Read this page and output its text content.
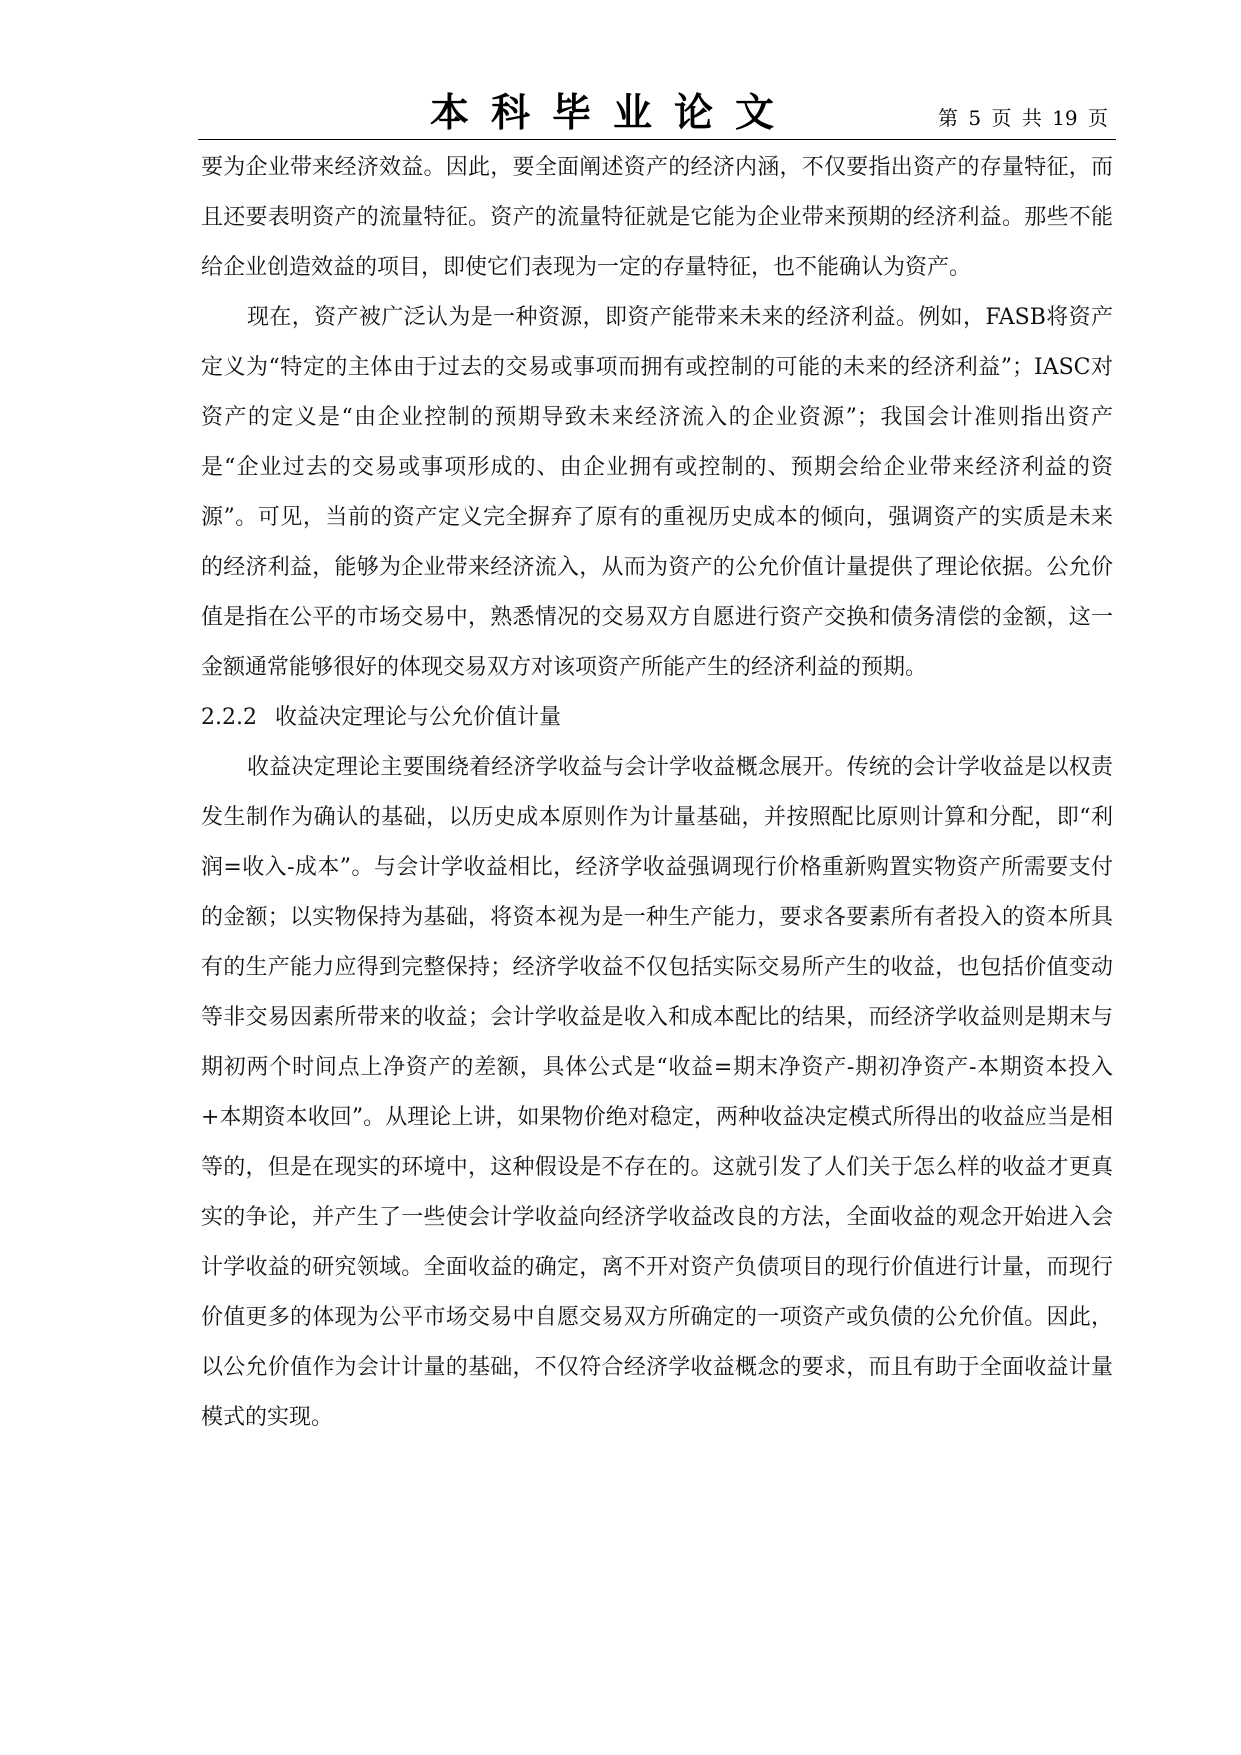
本科毕业论文	第 5 页 共 19 页

要为企业带来经济效益。因此，要全面阐述资产的经济内涵，不仅要指出资产的存量特征，而且还要表明资产的流量特征。资产的流量特征就是它能为企业带来预期的经济利益。那些不能给企业创造效益的项目，即使它们表现为一定的存量特征，也不能确认为资产。

现在，资产被广泛认为是一种资源，即资产能带来未来的经济利益。例如，FASB将资产定义为“特定的主体由于过去的交易或事项而拥有或控制的可能的未来的经济利益”；IASC对资产的定义是“由企业控制的预期导致未来经济流入的企业资源”；我国会计准则指出资产是“企业过去的交易或事项形成的、由企业拥有或控制的、预期会给企业带来经济利益的资源”。可见，当前的资产定义完全摒弃了原有的重视历史成本的倾向，强调资产的实质是未来的经济利益，能够为企业带来经济流入，从而为资产的公允价值计量提供了理论依据。公允价值是指在公平的市场交易中，熟悉情况的交易双方自愿进行资产交换和债务清偿的金额，这一金额通常能够很好的体现交易双方对该项资产所能产生的经济利益的预期。

2.2.2 收益决定理论与公允价值计量

收益决定理论主要围绕着经济学收益与会计学收益概念展开。传统的会计学收益是以权责发生制作为确认的基础，以历史成本原则作为计量基础，并按照配比原则计算和分配，即“利润=收入-成本”。与会计学收益相比，经济学收益强调现行价格重新购置实物资产所需要支付的金额；以实物保持为基础，将资本视为是一种生产能力，要求各要素所有者投入的资本所具有的生产能力应得到完整保持；经济学收益不仅包括实际交易所产生的收益，也包括价值变动等非交易因素所带来的收益；会计学收益是收入和成本配比的结果，而经济学收益则是期末与期初两个时间点上净资产的差额，具体公式是“收益=期末净资产-期初净资产-本期资本投入+本期资本收回”。从理论上讲，如果物价绝对稳定，两种收益决定模式所得出的收益应当是相等的，但是在现实的环境中，这种假设是不存在的。这就引发了人们关于怎么样的收益才更真实的争论，并产生了一些使会计学收益向经济学收益改良的方法，全面收益的观念开始进入会计学收益的研究领域。全面收益的确定，离不开对资产负债项目的现行价值进行计量，而现行价值更多的体现为公平市场交易中自愿交易双方所确定的一项资产或负债的公允价值。因此，以公允价值作为会计计量的基础，不仅符合经济学收益概念的要求，而且有助于全面收益计量模式的实现。
